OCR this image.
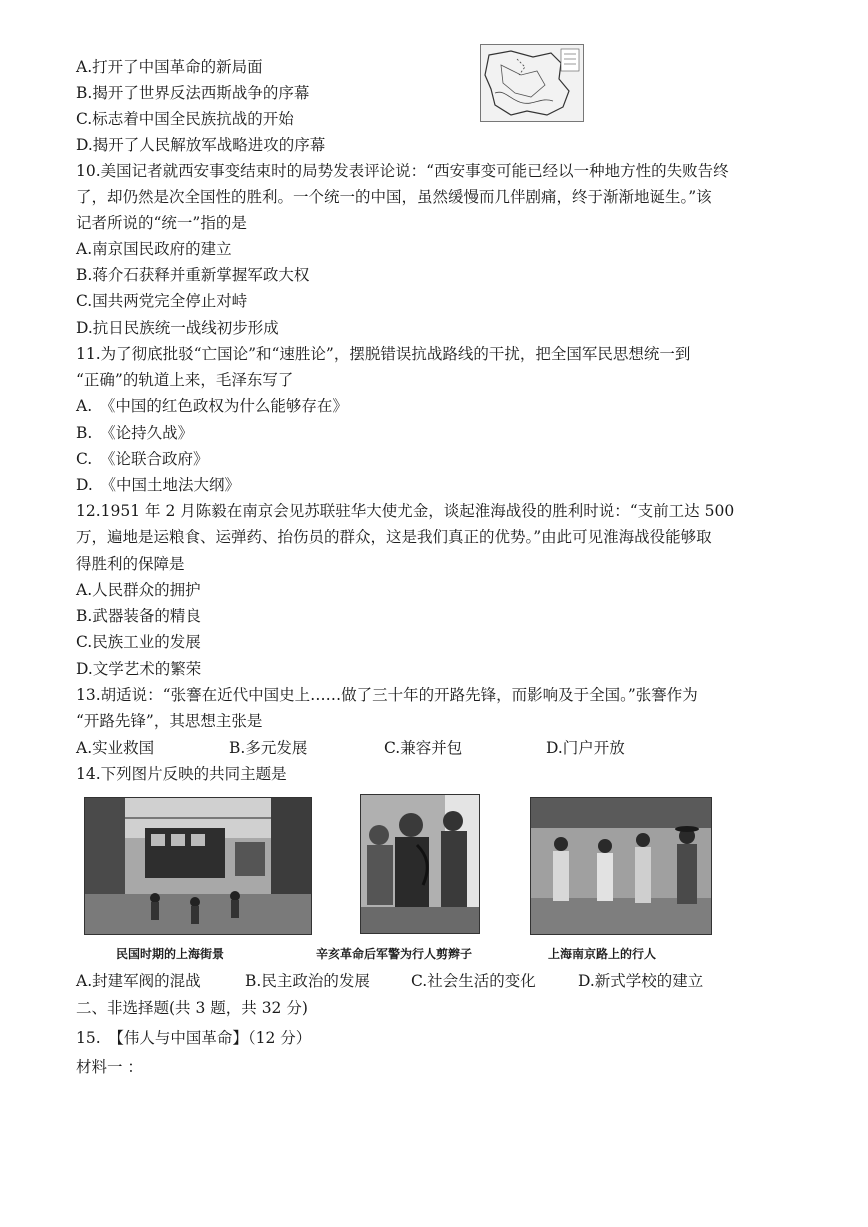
A.打开了中国革命的新局面
B.揭开了世界反法西斯战争的序幕
C.标志着中国全民族抗战的开始
D.揭开了人民解放军战略进攻的序幕
10.美国记者就西安事变结束时的局势发表评论说：“西安事变可能已经以一种地方性的失败告终
了，却仍然是次全国性的胜利。一个统一的中国，虽然缓慢而几伴剧痛，终于渐渐地诞生。”该
记者所说的“统一”指的是
A.南京国民政府的建立
B.蒋介石获释并重新掌握军政大权
C.国共两党完全停止对峙
D.抗日民族统一战线初步形成
11.为了彻底批驳“亡国论”和“速胜论”，摆脱错误抗战路线的干扰，把全国军民思想统一到
“正确”的轨道上来，毛泽东写了
A.　《中国的红色政权为什么能够存在》
B.　《论持久战》
C.　《论联合政府》
D.　《中国土地法大纲》
12.1951 年 2 月陈毅在南京会见苏联驻华大使尤金，谈起淮海战役的胜利时说：“支前工达 500
万，遍地是运粮食、运弹药、抬伤员的群众，这是我们真正的优势。”由此可见淮海战役能够取
得胜利的保障是
A.人民群众的拥护
B.武器装备的精良
C.民族工业的发展
D.文学艺术的繁荣
13.胡适说：“张謇在近代中国史上……做了三十年的开路先锋，而影响及于全国。”张謇作为
“开路先锋”，其思想主张是
A.实业救国	B.多元发展	C.兼容并包	D.门户开放
14.下列图片反映的共同主题是
民国时期的上海街景	辛亥革命后军警为行人剪辫子	上海南京路上的行人
A.封建军阀的混战	B.民主政治的发展	C.社会生活的变化	D.新式学校的建立
二、非选择题(共 3 题，共 32 分)
15.　【伟人与中国革命】（12 分）
材料一 ：
